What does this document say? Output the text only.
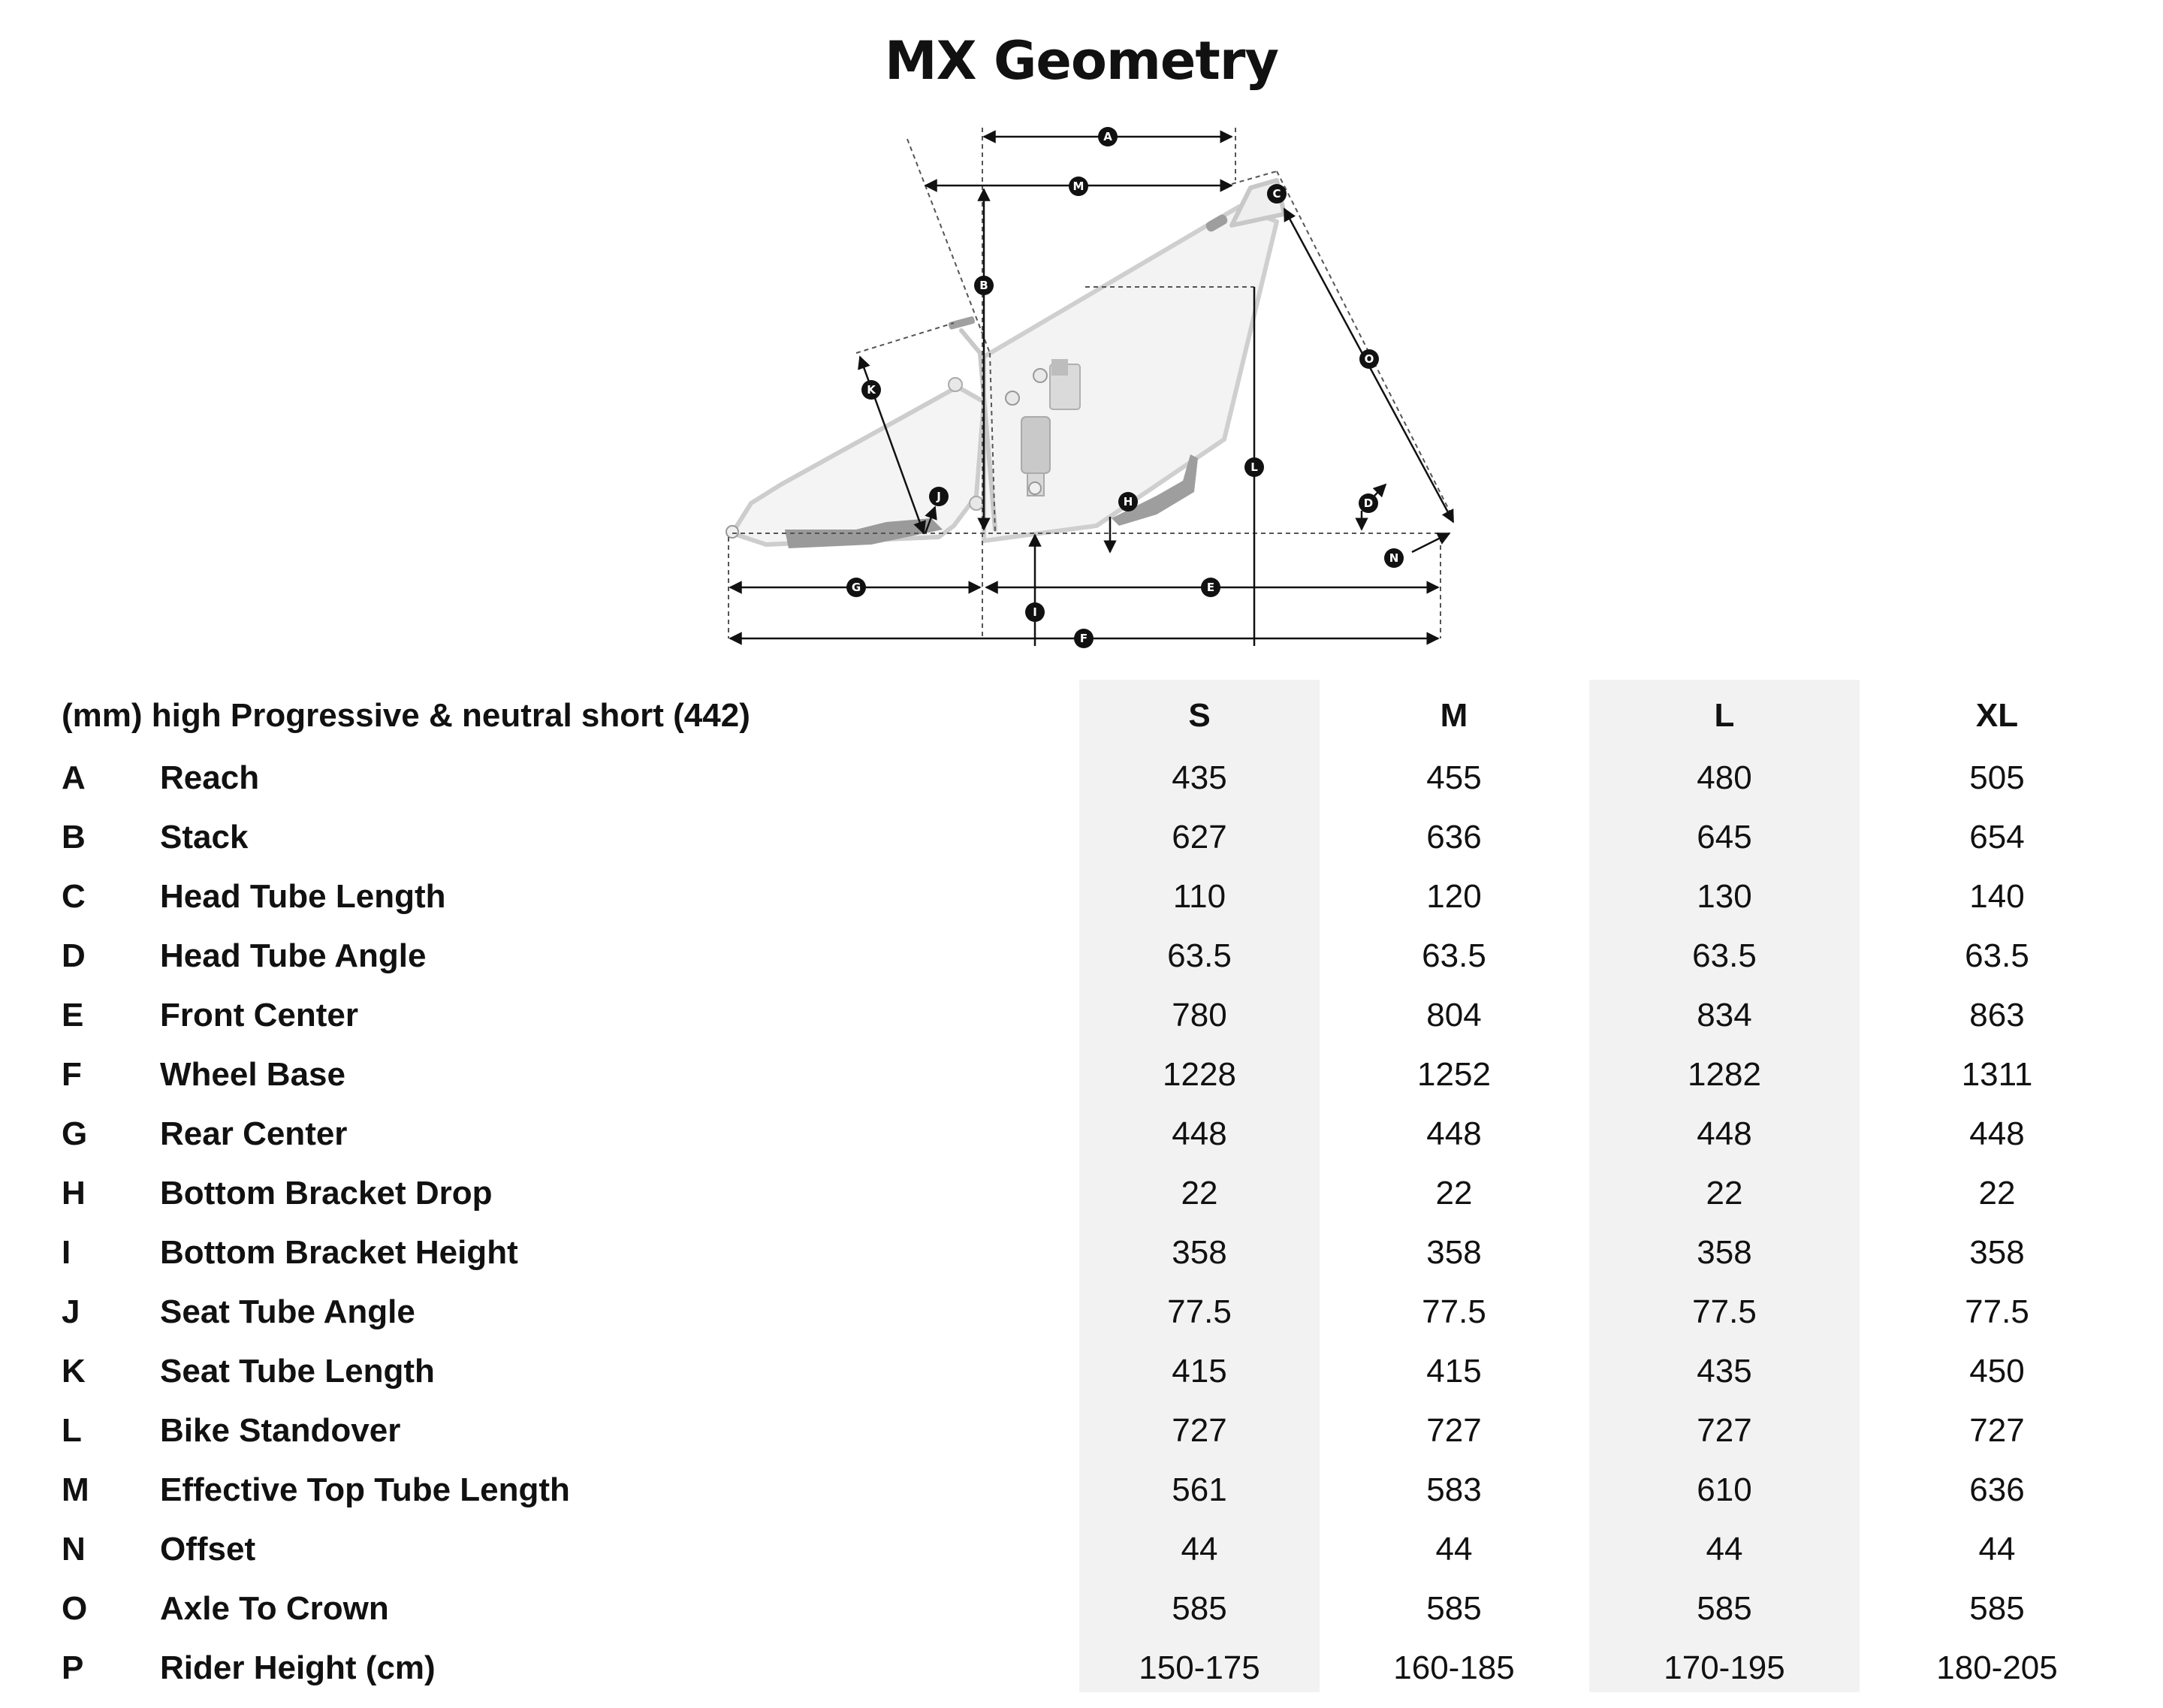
MX Geometry
A
B
C
D
E
F
G
H
I
J
K
L
M
N
O
(mm) high Progressive & neutral short (442)	S	M	L	XL
A Reach	435	455	480	505
B Stack	627	636	645	654
C Head Tube Length	110	120	130	140
D Head Tube Angle	63.5	63.5	63.5	63.5
E Front Center	780	804	834	863
F Wheel Base	1228	1252	1282	1311
G Rear Center	448	448	448	448
H Bottom Bracket Drop	22	22	22	22
I	Bottom Bracket Height	358	358	358	358
J Seat Tube Angle	77.5	77.5	77.5	77.5
K Seat Tube Length	415	415	435	450
L Bike Standover	727	727	727	727
M Effective Top Tube Length	561	583	610	636
N Offset	44	44	44	44
O Axle To Crown	585	585	585	585
P Rider Height (cm)	150-175	160-185	170-195	180-205
